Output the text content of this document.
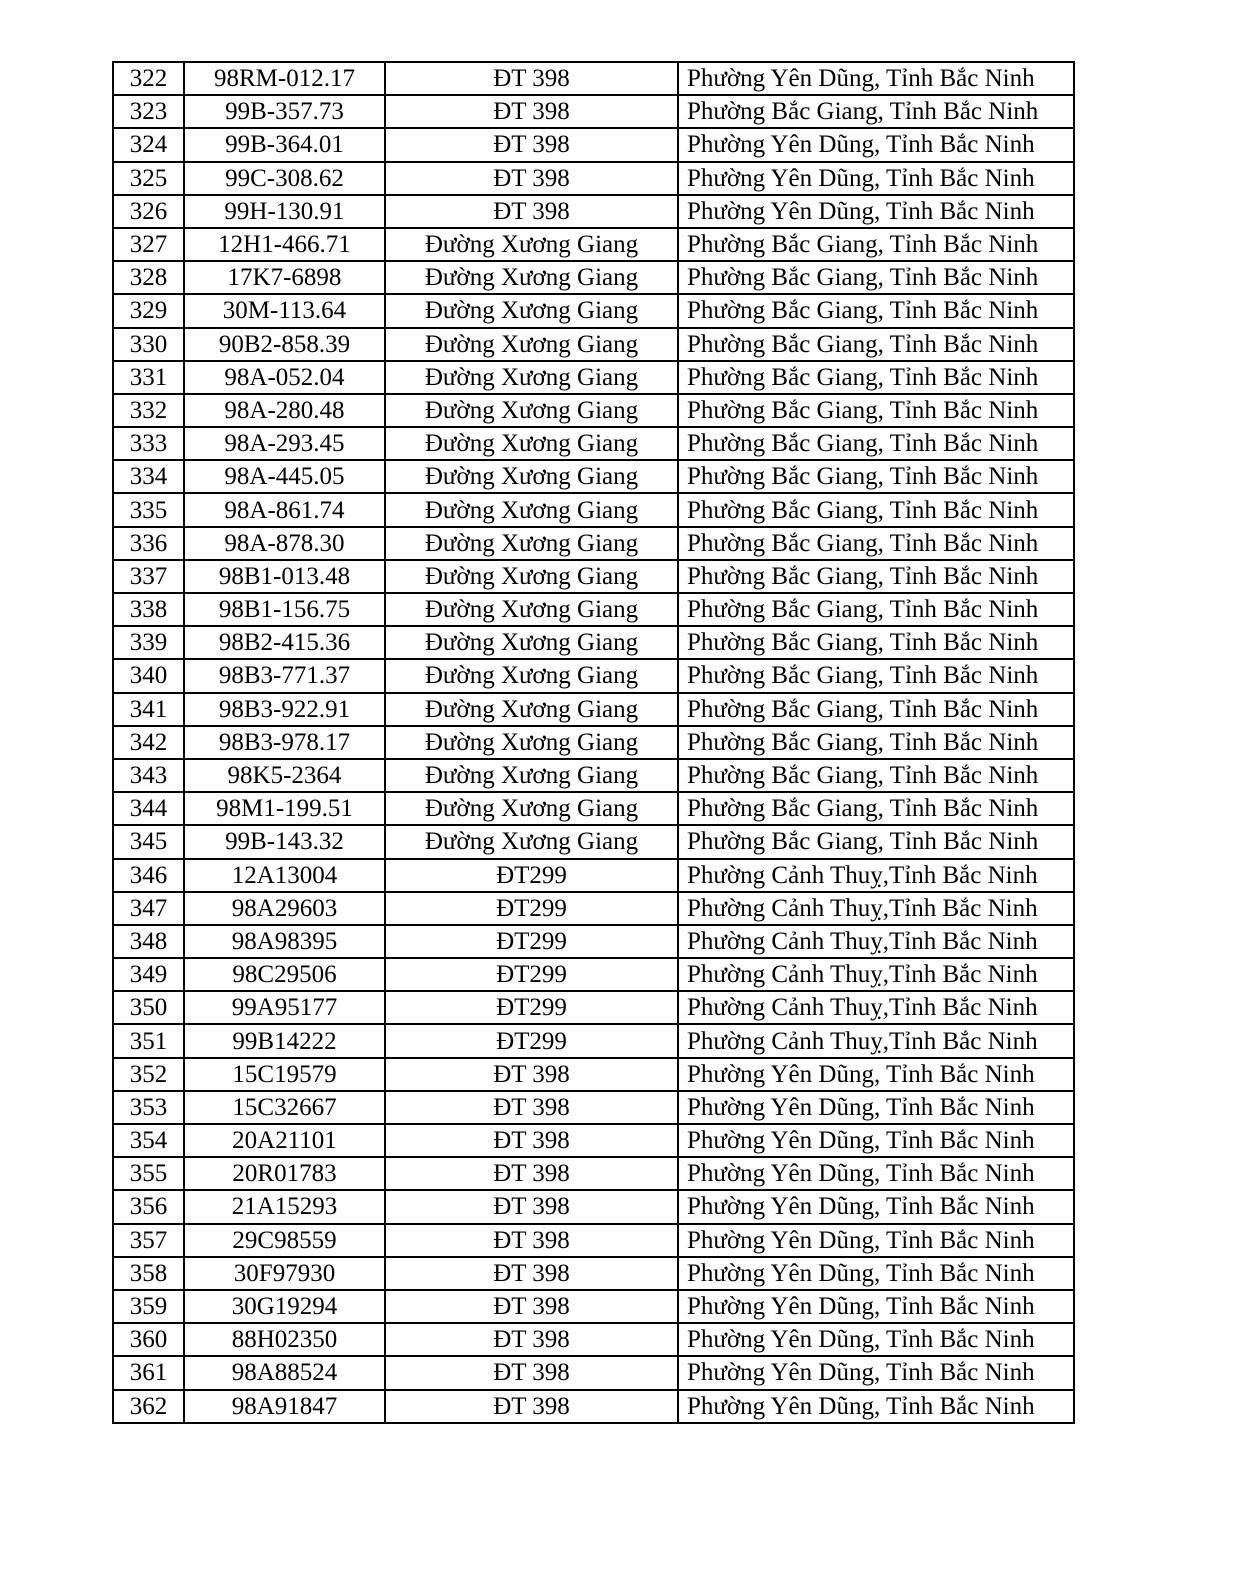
322	98RM-012.17	ĐT 398	Phường Yên Dũng, Tỉnh Bắc Ninh
323	99B-357.73	ĐT 398	Phường Bắc Giang, Tỉnh Bắc Ninh
324	99B-364.01	ĐT 398	Phường Yên Dũng, Tỉnh Bắc Ninh
325	99C-308.62	ĐT 398	Phường Yên Dũng, Tỉnh Bắc Ninh
326	99H-130.91	ĐT 398	Phường Yên Dũng, Tỉnh Bắc Ninh
327	12H1-466.71	Đường Xương Giang	Phường Bắc Giang, Tỉnh Bắc Ninh
328	17K7-6898	Đường Xương Giang	Phường Bắc Giang, Tỉnh Bắc Ninh
329	30M-113.64	Đường Xương Giang	Phường Bắc Giang, Tỉnh Bắc Ninh
330	90B2-858.39	Đường Xương Giang	Phường Bắc Giang, Tỉnh Bắc Ninh
331	98A-052.04	Đường Xương Giang	Phường Bắc Giang, Tỉnh Bắc Ninh
332	98A-280.48	Đường Xương Giang	Phường Bắc Giang, Tỉnh Bắc Ninh
333	98A-293.45	Đường Xương Giang	Phường Bắc Giang, Tỉnh Bắc Ninh
334	98A-445.05	Đường Xương Giang	Phường Bắc Giang, Tỉnh Bắc Ninh
335	98A-861.74	Đường Xương Giang	Phường Bắc Giang, Tỉnh Bắc Ninh
336	98A-878.30	Đường Xương Giang	Phường Bắc Giang, Tỉnh Bắc Ninh
337	98B1-013.48	Đường Xương Giang	Phường Bắc Giang, Tỉnh Bắc Ninh
338	98B1-156.75	Đường Xương Giang	Phường Bắc Giang, Tỉnh Bắc Ninh
339	98B2-415.36	Đường Xương Giang	Phường Bắc Giang, Tỉnh Bắc Ninh
340	98B3-771.37	Đường Xương Giang	Phường Bắc Giang, Tỉnh Bắc Ninh
341	98B3-922.91	Đường Xương Giang	Phường Bắc Giang, Tỉnh Bắc Ninh
342	98B3-978.17	Đường Xương Giang	Phường Bắc Giang, Tỉnh Bắc Ninh
343	98K5-2364	Đường Xương Giang	Phường Bắc Giang, Tỉnh Bắc Ninh
344	98M1-199.51	Đường Xương Giang	Phường Bắc Giang, Tỉnh Bắc Ninh
345	99B-143.32	Đường Xương Giang	Phường Bắc Giang, Tỉnh Bắc Ninh
346	12A13004	ĐT299	Phường Cảnh Thuỵ,Tỉnh Bắc Ninh
347	98A29603	ĐT299	Phường Cảnh Thuỵ,Tỉnh Bắc Ninh
348	98A98395	ĐT299	Phường Cảnh Thuỵ,Tỉnh Bắc Ninh
349	98C29506	ĐT299	Phường Cảnh Thuỵ,Tỉnh Bắc Ninh
350	99A95177	ĐT299	Phường Cảnh Thuỵ,Tỉnh Bắc Ninh
351	99B14222	ĐT299	Phường Cảnh Thuỵ,Tỉnh Bắc Ninh
352	15C19579	ĐT 398	Phường Yên Dũng, Tỉnh Bắc Ninh
353	15C32667	ĐT 398	Phường Yên Dũng, Tỉnh Bắc Ninh
354	20A21101	ĐT 398	Phường Yên Dũng, Tỉnh Bắc Ninh
355	20R01783	ĐT 398	Phường Yên Dũng, Tỉnh Bắc Ninh
356	21A15293	ĐT 398	Phường Yên Dũng, Tỉnh Bắc Ninh
357	29C98559	ĐT 398	Phường Yên Dũng, Tỉnh Bắc Ninh
358	30F97930	ĐT 398	Phường Yên Dũng, Tỉnh Bắc Ninh
359	30G19294	ĐT 398	Phường Yên Dũng, Tỉnh Bắc Ninh
360	88H02350	ĐT 398	Phường Yên Dũng, Tỉnh Bắc Ninh
361	98A88524	ĐT 398	Phường Yên Dũng, Tỉnh Bắc Ninh
362	98A91847	ĐT 398	Phường Yên Dũng, Tỉnh Bắc Ninh
